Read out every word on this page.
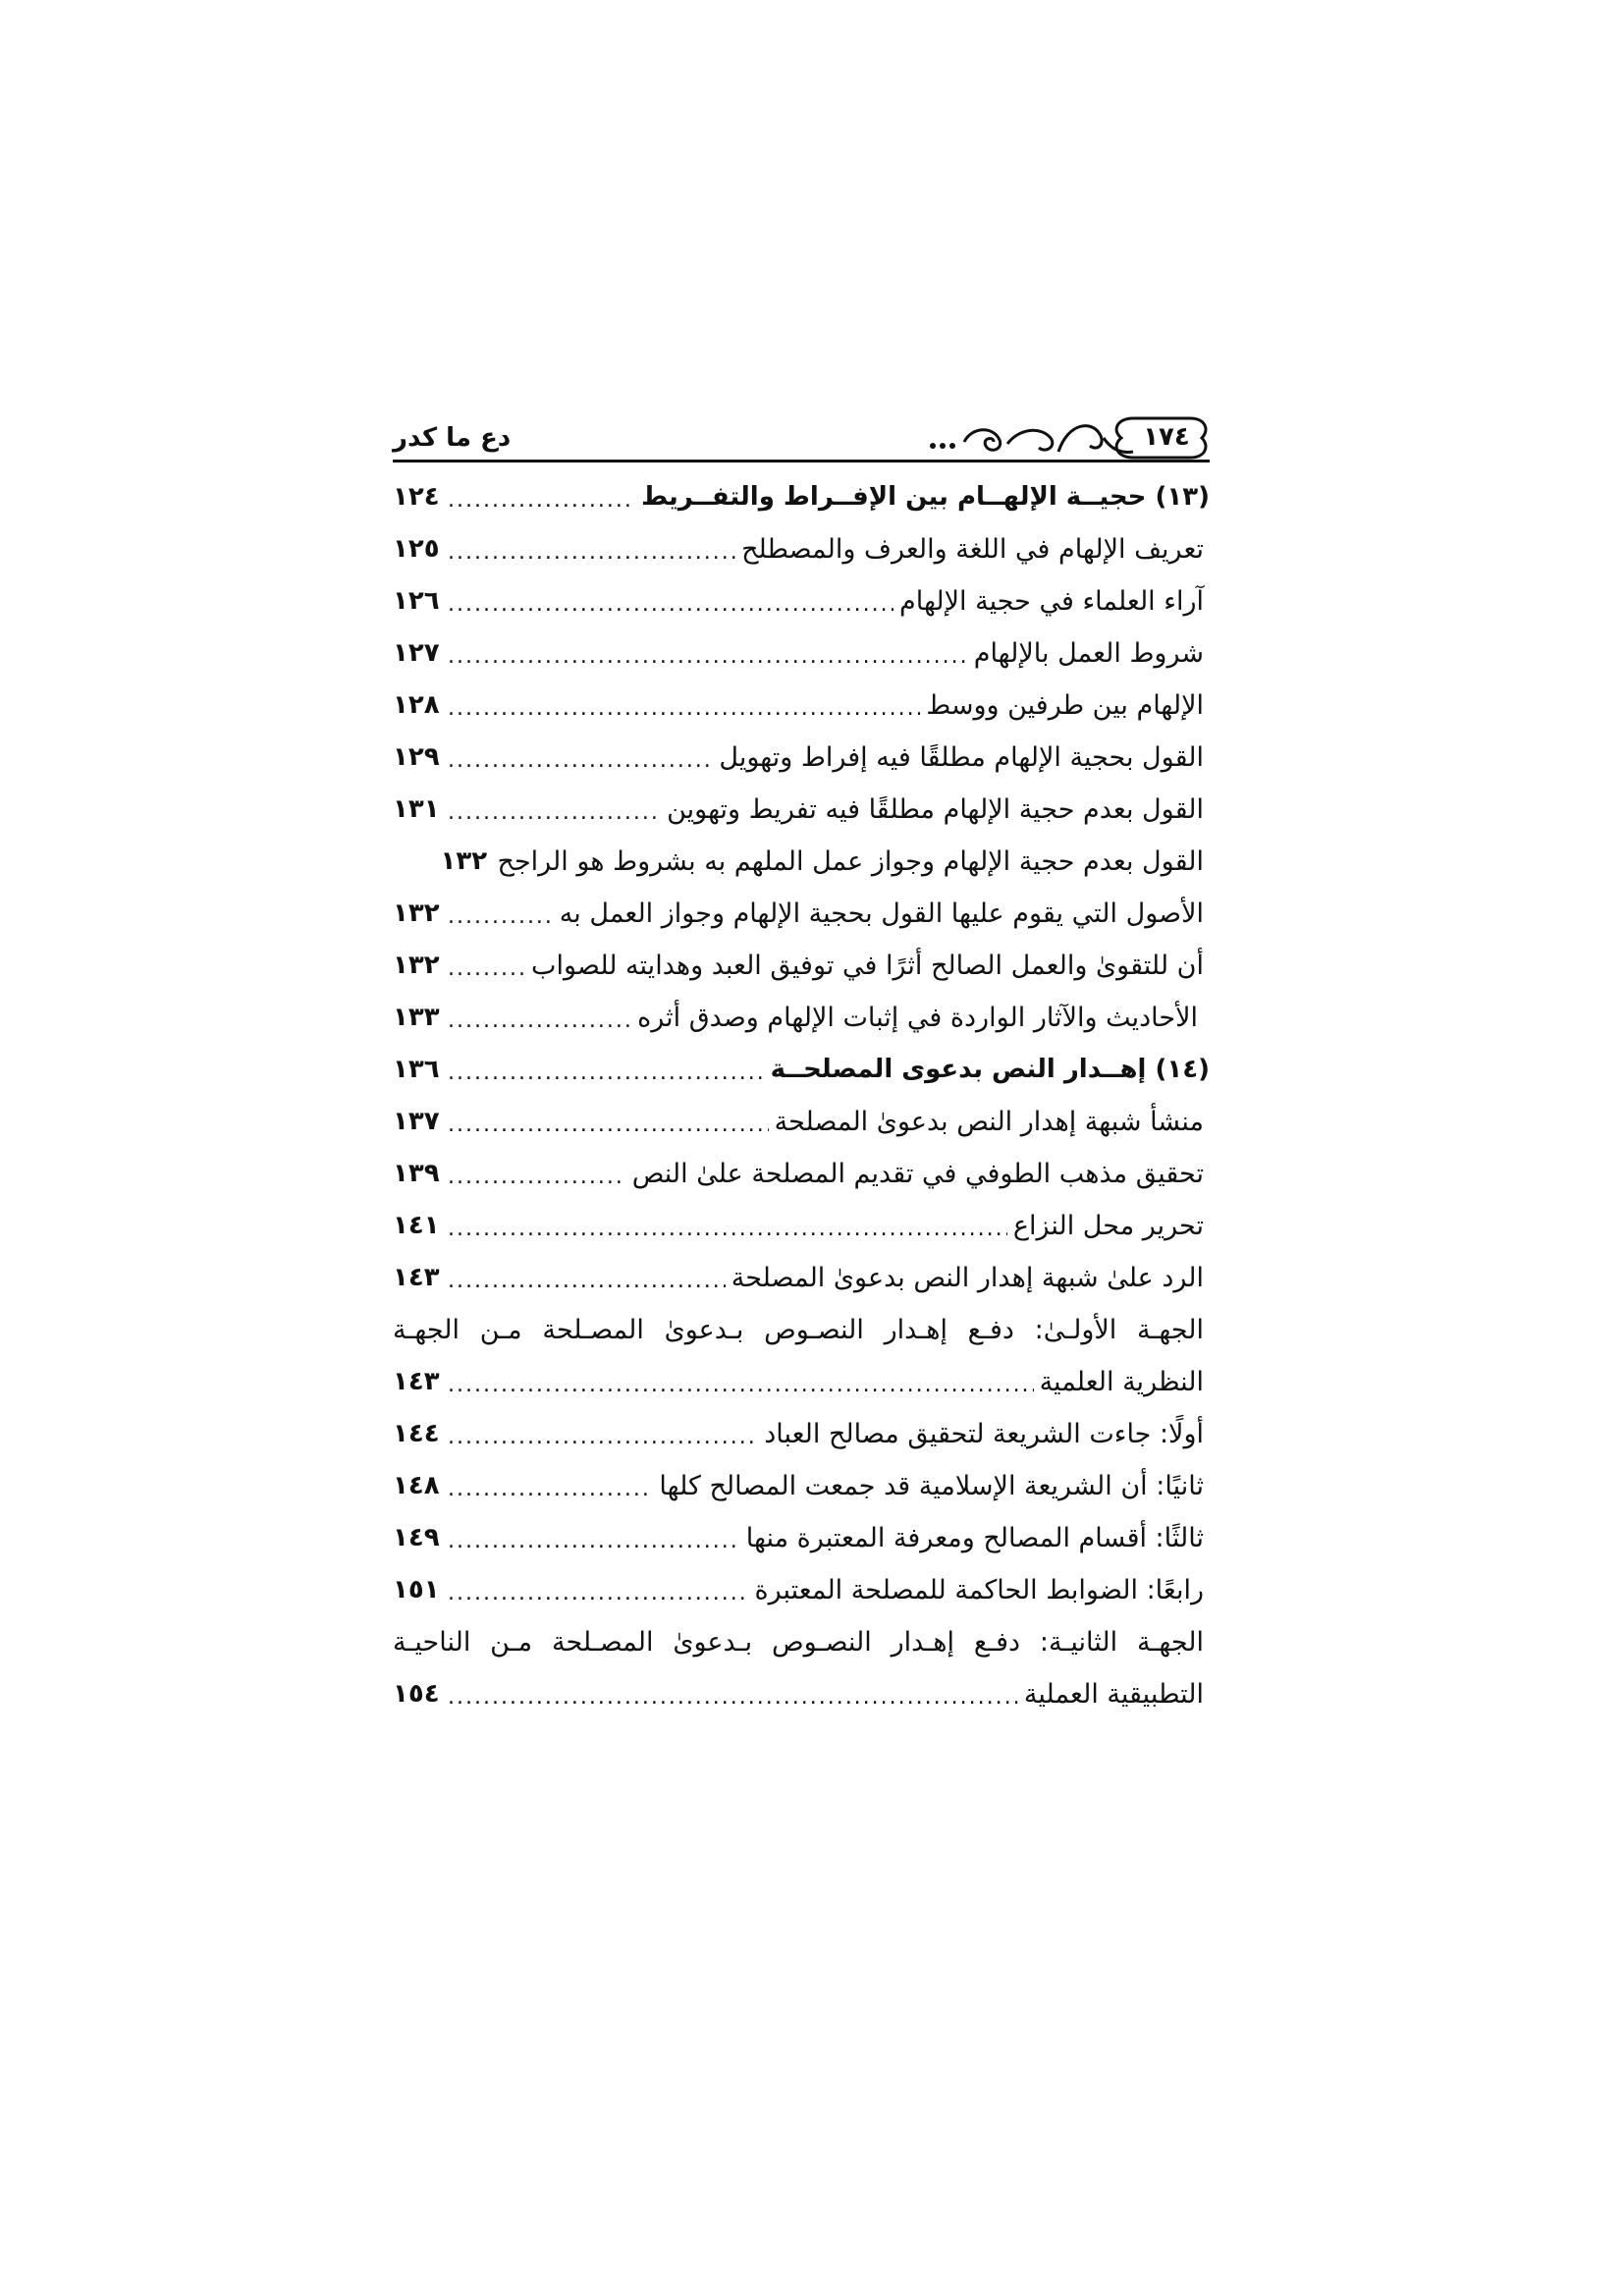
دع ما كدر	١٧٤
(١٣) حجيــة الإلهــام بين الإفــراط والتفــريط
.....
١٢٤
تعريف الإلهام في اللغة والعرف والمصطلح
.....
١٢٥
آراء العلماء في حجية الإلهام
.....
١٢٦
شروط العمل بالإلهام
.....
١٢٧
الإلهام بين طرفين ووسط
.....
١٢٨
القول بحجية الإلهام مطلقًا فيه إفراط وتهويل
.....
١٢٩
القول بعدم حجية الإلهام مطلقًا فيه تفريط وتهوين
.....
١٣١
القول بعدم حجية الإلهام وجواز عمل الملهم به بشروط هو الراجح
١٣٢
الأصول التي يقوم عليها القول بحجية الإلهام وجواز العمل به
.....
١٣٢
أن للتقوىٰ والعمل الصالح أثرًا في توفيق العبد وهدايته للصواب
.....
١٣٢
الأحاديث والآثار الواردة في إثبات الإلهام وصدق أثره
.....
١٣٣
(١٤) إهــدار النص بدعوى المصلحــة
.....
١٣٦
منشأ شبهة إهدار النص بدعوىٰ المصلحة
.....
١٣٧
تحقيق مذهب الطوفي في تقديم المصلحة علىٰ النص
.....
١٣٩
تحرير محل النزاع
.....
١٤١
الرد علىٰ شبهة إهدار النص بدعوىٰ المصلحة
.....
١٤٣
الجهـة الأولـىٰ: دفـع إهـدار النصـوص بـدعوىٰ المصـلحة مـن الجهـة
النظرية العلمية
.....
١٤٣
أولًا: جاءت الشريعة لتحقيق مصالح العباد
.....
١٤٤
ثانيًا: أن الشريعة الإسلامية قد جمعت المصالح كلها
.....
١٤٨
ثالثًا: أقسام المصالح ومعرفة المعتبرة منها
.....
١٤٩
رابعًا: الضوابط الحاكمة للمصلحة المعتبرة
.....
١٥١
الجهـة الثانيـة: دفـع إهـدار النصـوص بـدعوىٰ المصـلحة مـن الناحيـة
التطبيقية العملية
.....
١٥٤
